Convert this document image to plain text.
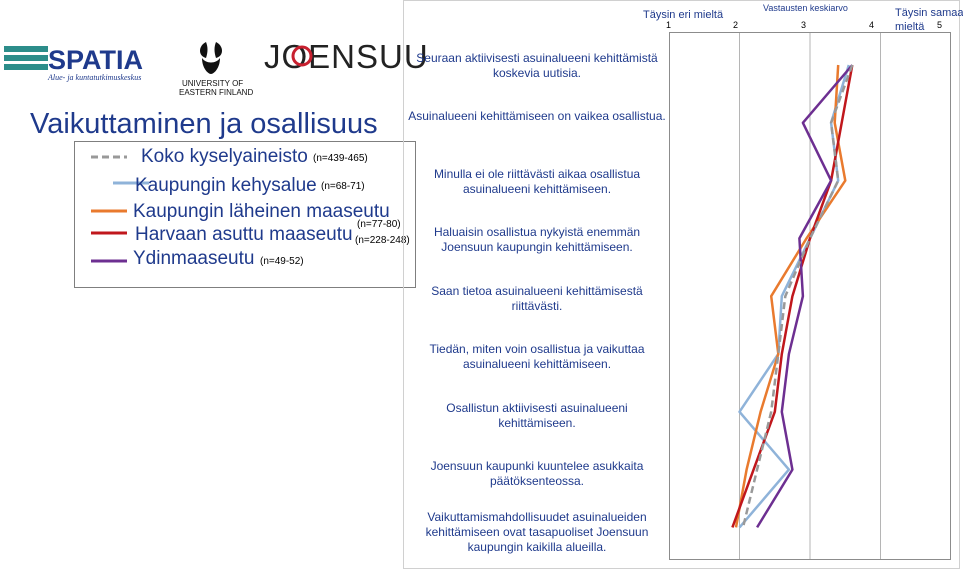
SPATIA
Alue- ja kuntatutkimuskeskus
UNIVERSITY OF
EASTERN FINLAND
JOENSUU
Vaikuttaminen ja osallisuus
Koko kyselyaineisto (n=439-465)
Kaupungin kehysalue (n=68-71)
Kaupungin läheinen maaseutu
(n=77-80)
Harvaan asuttu maaseutu (n=228-248)
Ydinmaaseutu (n=49-52)
Täysin eri mieltä
Vastausten keskiarvo	Täysin samaa
mieltä
1	2	3	4	5
Seuraan aktiivisesti asuinalueeni kehittämistä koskevia uutisia.
Asuinalueeni kehittämiseen on vaikea osallistua.
Minulla ei ole riittävästi aikaa osallistua asuinalueeni kehittämiseen.
Haluaisin osallistua nykyistä enemmän Joensuun kaupungin kehittämiseen.
Saan tietoa asuinalueeni kehittämisestä riittävästi.
Tiedän, miten voin osallistua ja vaikuttaa asuinalueeni kehittämiseen.
Osallistun aktiivisesti asuinalueeni kehittämiseen.
Joensuun kaupunki kuuntelee asukkaita päätöksenteossa.
Vaikuttamismahdollisuudet asuinalueiden kehittämiseen ovat tasapuoliset Joensuun kaupungin kaikilla alueilla.
